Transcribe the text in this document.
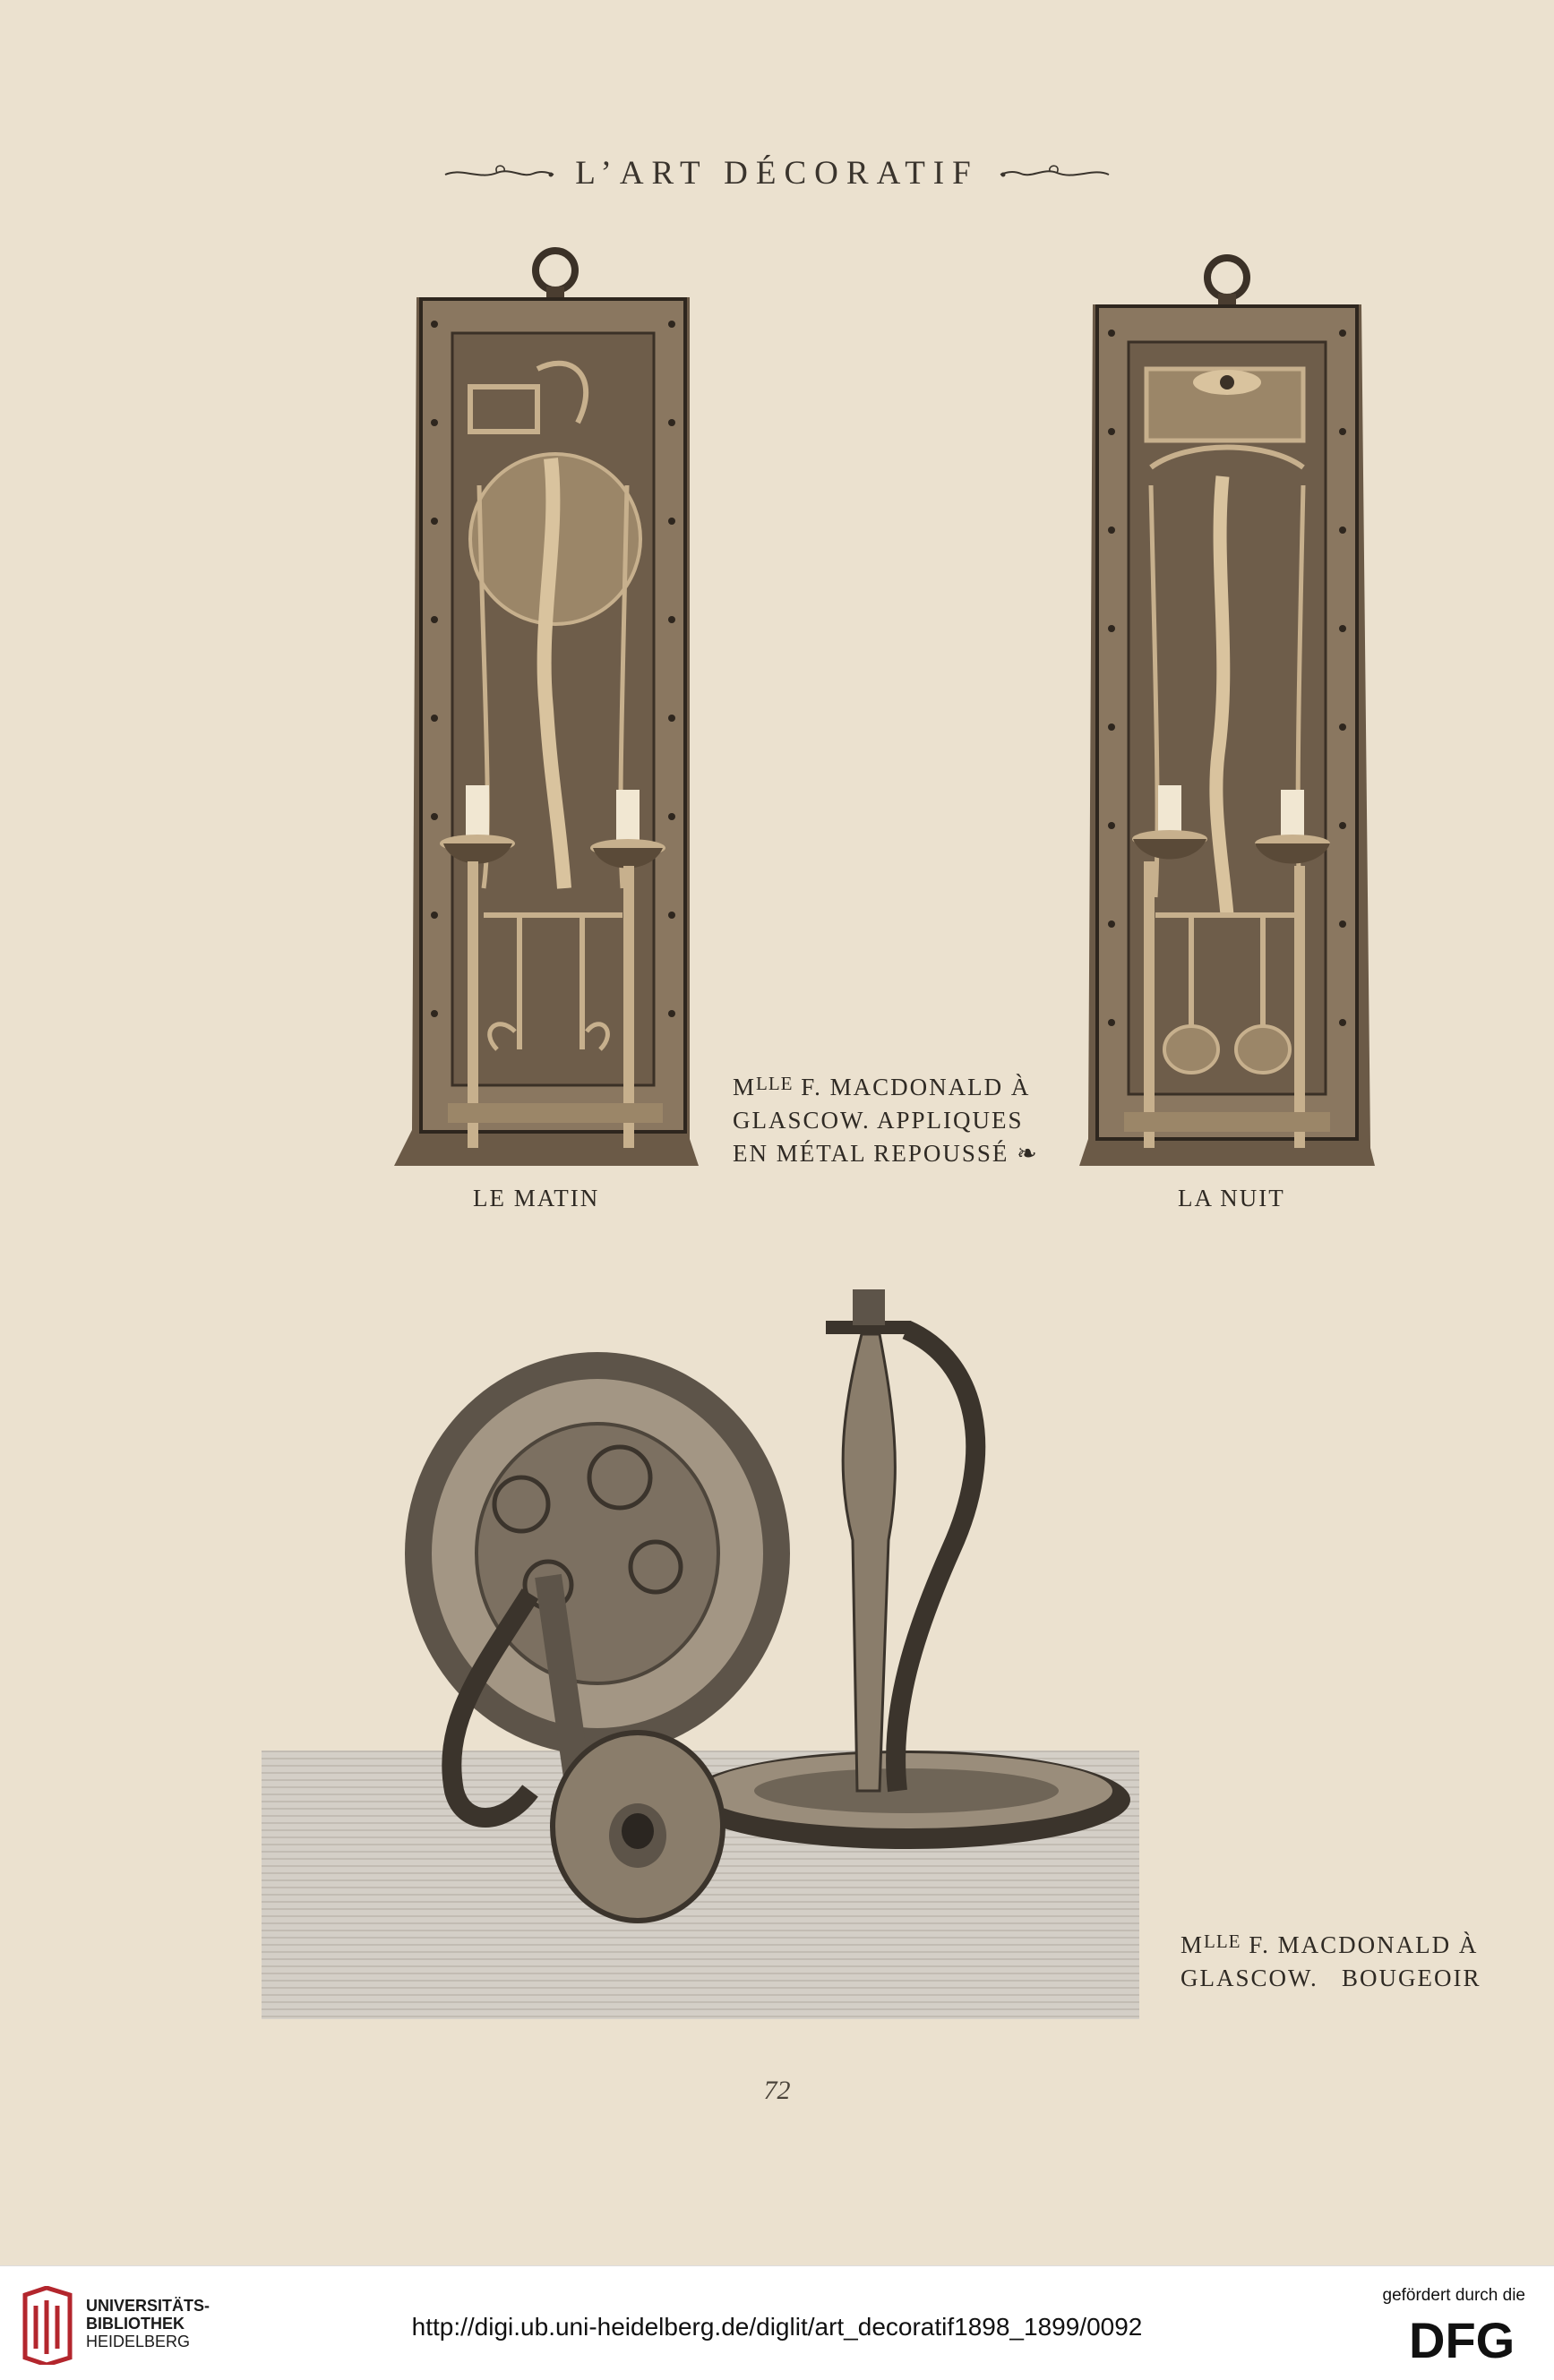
L’ART DÉCORATIF
LE MATIN	LA NUIT
$M^{LLE}$ F. MACDONALD À
GLASCOW. APPLIQUES
EN MÉTAL REPOUSSÉ ❧
$M^{LLE}$ F. MACDONALD À
GLASCOW.   BOUGEOIR
72
UNIVERSITÄTS-
BIBLIOTHEK
HEIDELBERG
http://digi.ub.uni-heidelberg.de/diglit/art_decoratif1898_1899/0092
gefördert durch die
DFG
